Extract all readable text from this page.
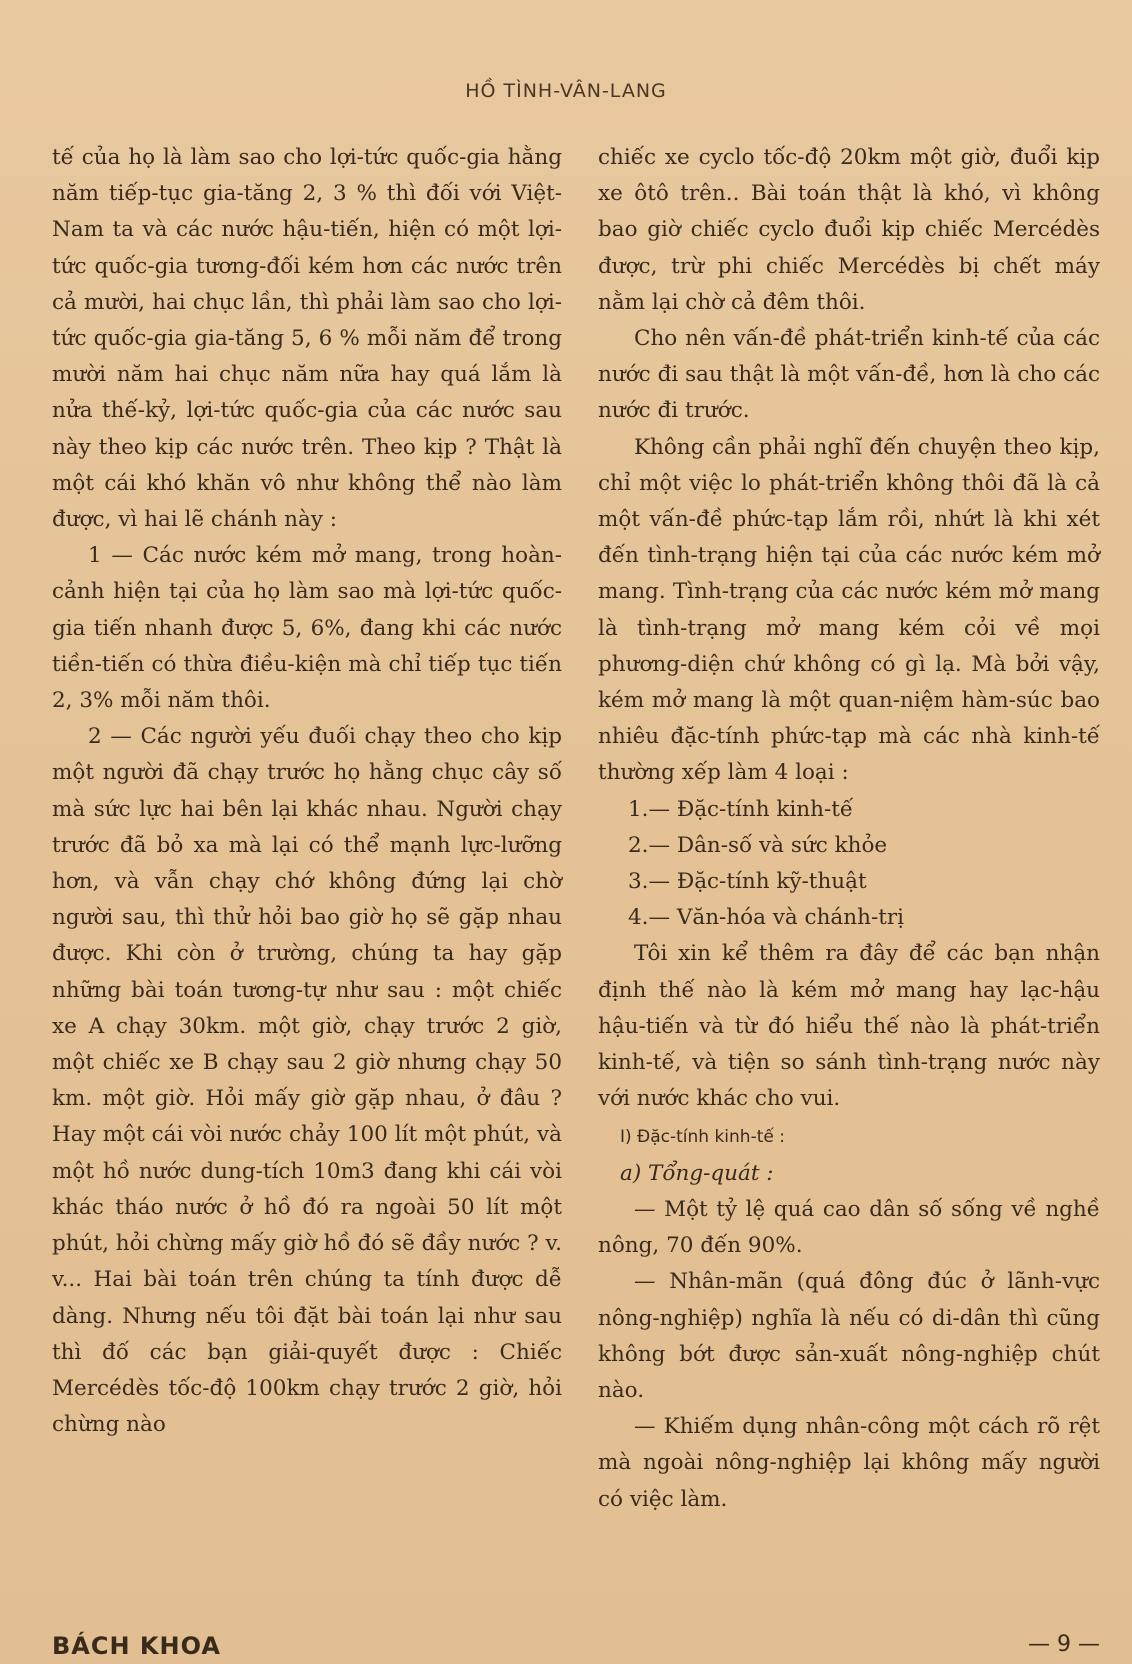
HỒ TÌNH-VÂN-LANG

tế của họ là làm sao cho lợi-tức quốc-gia hằng năm tiếp-tục gia-tăng 2, 3 % thì đối với Việt-Nam ta và các nước hậu-tiến, hiện có một lợi-tức quốc-gia tương-đối kém hơn các nước trên cả mười, hai chục lần, thì phải làm sao cho lợi-tức quốc-gia gia-tăng 5, 6 % mỗi năm để trong mười năm hai chục năm nữa hay quá lắm là nửa thế-kỷ, lợi-tức quốc-gia của các nước sau này theo kịp các nước trên. Theo kịp ? Thật là một cái khó khăn vô như không thể nào làm được, vì hai lẽ chánh này :

1 — Các nước kém mở mang, trong hoàn-cảnh hiện tại của họ làm sao mà lợi-tức quốc-gia tiến nhanh được 5, 6%, đang khi các nước tiền-tiến có thừa điều-kiện mà chỉ tiếp tục tiến 2, 3% mỗi năm thôi.

2 — Các người yếu đuối chạy theo cho kịp một người đã chạy trước họ hằng chục cây số mà sức lực hai bên lại khác nhau. Người chạy trước đã bỏ xa mà lại có thể mạnh lực-lưỡng hơn, và vẫn chạy chớ không đứng lại chờ người sau, thì thử hỏi bao giờ họ sẽ gặp nhau được. Khi còn ở trường, chúng ta hay gặp những bài toán tương-tự như sau : một chiếc xe A chạy 30km. một giờ, chạy trước 2 giờ, một chiếc xe B chạy sau 2 giờ nhưng chạy 50 km. một giờ. Hỏi mấy giờ gặp nhau, ở đâu ? Hay một cái vòi nước chảy 100 lít một phút, và một hồ nước dung-tích 10m3 đang khi cái vòi khác tháo nước ở hồ đó ra ngoài 50 lít một phút, hỏi chừng mấy giờ hồ đó sẽ đầy nước ? v. v... Hai bài toán trên chúng ta tính được dễ dàng. Nhưng nếu tôi đặt bài toán lại như sau thì đố các bạn giải-quyết được : Chiếc Mercédès tốc-độ 100km chạy trước 2 giờ, hỏi chừng nào

chiếc xe cyclo tốc-độ 20km một giờ, đuổi kịp xe ôtô trên.. Bài toán thật là khó, vì không bao giờ chiếc cyclo đuổi kịp chiếc Mercédès được, trừ phi chiếc Mercédès bị chết máy nằm lại chờ cả đêm thôi.

Cho nên vấn-đề phát-triển kinh-tế của các nước đi sau thật là một vấn-đề, hơn là cho các nước đi trước.

Không cần phải nghĩ đến chuyện theo kịp, chỉ một việc lo phát-triển không thôi đã là cả một vấn-đề phức-tạp lắm rồi, nhứt là khi xét đến tình-trạng hiện tại của các nước kém mở mang. Tình-trạng của các nước kém mở mang là tình-trạng mở mang kém cỏi về mọi phương-diện chứ không có gì lạ. Mà bởi vậy, kém mở mang là một quan-niệm hàm-súc bao nhiêu đặc-tính phức-tạp mà các nhà kinh-tế thường xếp làm 4 loại :

1.— Đặc-tính kinh-tế

2.— Dân-số và sức khỏe

3.— Đặc-tính kỹ-thuật

4.— Văn-hóa và chánh-trị

Tôi xin kể thêm ra đây để các bạn nhận định thế nào là kém mở mang hay lạc-hậu hậu-tiến và từ đó hiểu thế nào là phát-triển kinh-tế, và tiện so sánh tình-trạng nước này với nước khác cho vui.

I) Đặc-tính kinh-tế :

a) Tổng-quát :

— Một tỷ lệ quá cao dân số sống về nghề nông, 70 đến 90%.

— Nhân-mãn (quá đông đúc ở lãnh-vực nông-nghiệp) nghĩa là nếu có di-dân thì cũng không bớt được sản-xuất nông-nghiệp chút nào.

— Khiếm dụng nhân-công một cách rõ rệt mà ngoài nông-nghiệp lại không mấy người có việc làm.

BÁCH KHOA	— 9 —
